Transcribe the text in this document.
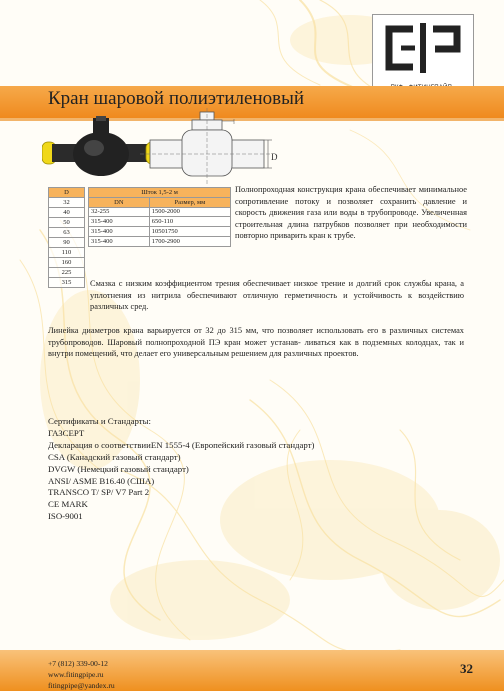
Кран шаровой полиэтиленовый
D
D
32
40
50
63
90
110
160
225
315
Шток 1,5-2 м	
DN	Размер, мм
32-255	1500-2000
315-400	650-110
315-400	10501750
315-400	1700-2900
Полнопроходная конструкция крана обеспечивает минимальное сопротивление потоку и позволяет сохранить давление и скорость движения газа или воды в трубопроводе. Увеличенная строительная длина патрубков позволяет при необходимости повторно приварить кран к трубе.
Смазка с низким коэффициентом трения обеспечивает низкое трение и долгий срок службы крана, а уплотнения из нитрила обеспечивают отличную герметичность и устойчивость к воздействию различных сред.
Линейка диаметров крана варьируется от 32 до 315 мм, что позволяет использовать его в различных системах трубопроводов. Шаровый полнопроходной ПЭ кран может устанав- ливаться как в подземных колодцах, так и внутри помещений, что делает его универсальным решением для различных проектов.
Сертификаты и Стандарты:
ГАЗСЕРТ
Декларация о соответствииEN 1555-4 (Европейский газовый стандарт)
CSA (Канадский газовый стандарт)
DVGW (Немецкий газовый стандарт)
ANSI/ ASME B16.40 (США)
TRANSCO T/ SP/ V7 Part 2
CE MARK
ISO-9001
+7 (812) 339-00-12
www.fitingpipe.ru
fitingpipe@yandex.ru
32
